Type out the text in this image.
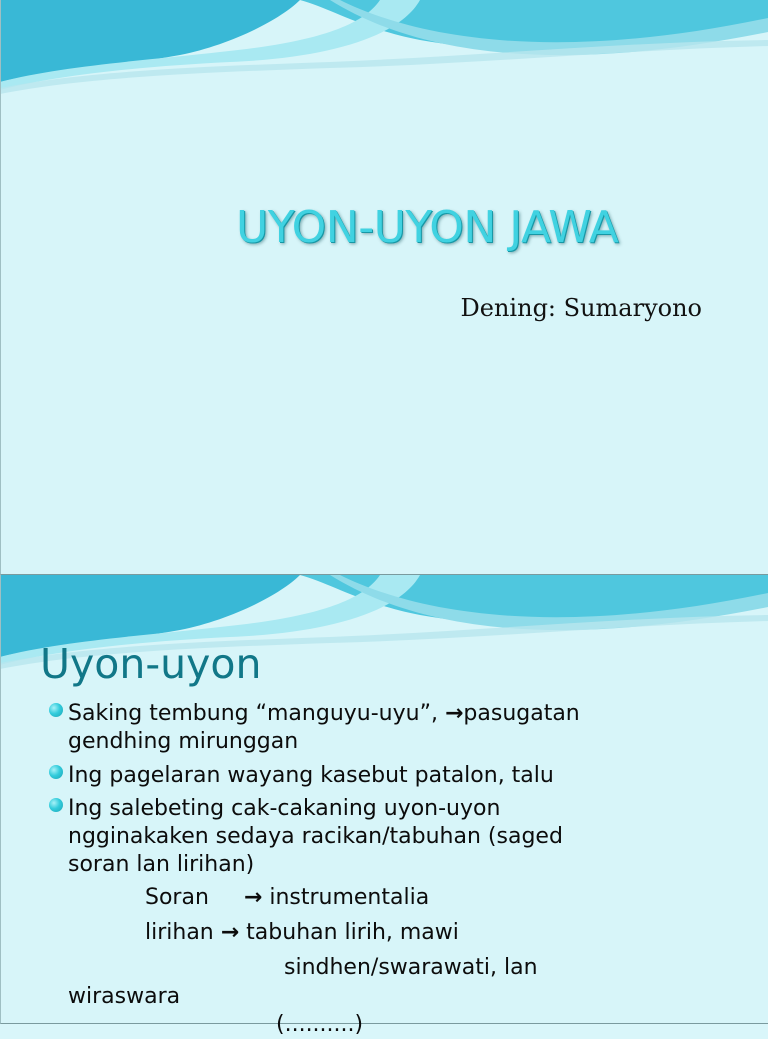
UYON-UYON JAWA
Dening: Sumaryono
Uyon-uyon
Saking tembung “manguyu-uyu”, →pasugatan
gendhing mirunggan
Ing pagelaran wayang kasebut patalon, talu
Ing salebeting cak-cakaning uyon-uyon
ngginakaken sedaya racikan/tabuhan (saged
soran lan lirihan)
Soran → instrumentalia
lirihan → tabuhan lirih, mawi
sindhen/swarawati, lan
wiraswara
(..........)
